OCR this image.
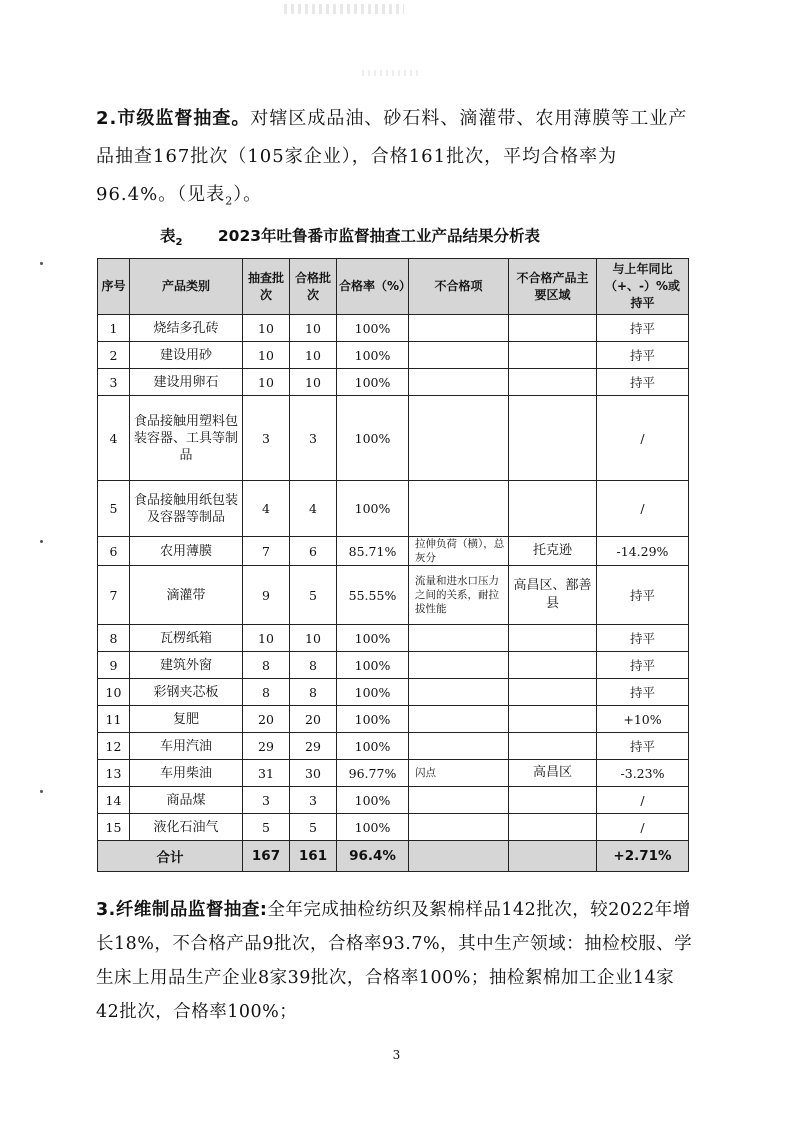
2.市级监督抽查。对辖区成品油、砂石料、滴灌带、农用薄膜等工业产品抽查167批次（105家企业），合格161批次，平均合格率为96.4%。（见表$_2$）。
表$_2$ 2023年吐鲁番市监督抽查工业产品结果分析表
序号	产品类别	抽查批次	合格批次	合格率（%）	不合格项	不合格产品主要区域	与上年同比（+、-）%或持平
1	烧结多孔砖	10	10	100%			持平
2	建设用砂	10	10	100%			持平
3	建设用卵石	10	10	100%			持平
4	食品接触用塑料包装容器、工具等制品	3	3	100%			/
5	食品接触用纸包装及容器等制品	4	4	100%			/
6	农用薄膜	7	6	85.71%	拉伸负荷（横），总灰分	托克逊	-14.29%
7	滴灌带	9	5	55.55%	流量和进水口压力之间的关系，耐拉拔性能	高昌区、鄯善县	持平
8	瓦楞纸箱	10	10	100%			持平
9	建筑外窗	8	8	100%			持平
10	彩钢夹芯板	8	8	100%			持平
11	复肥	20	20	100%			+10%
12	车用汽油	29	29	100%			持平
13	车用柴油	31	30	96.77%	闪点	高昌区	-3.23%
14	商品煤	3	3	100%			/
15	液化石油气	5	5	100%			/
合计		167	161	96.4%			+2.71%
3.纤维制品监督抽查:全年完成抽检纺织及絮棉样品142批次，较2022年增长18%，不合格产品9批次，合格率93.7%，其中生产领域：抽检校服、学生床上用品生产企业8家39批次，合格率100%；抽检絮棉加工企业14家42批次，合格率100%；
3
